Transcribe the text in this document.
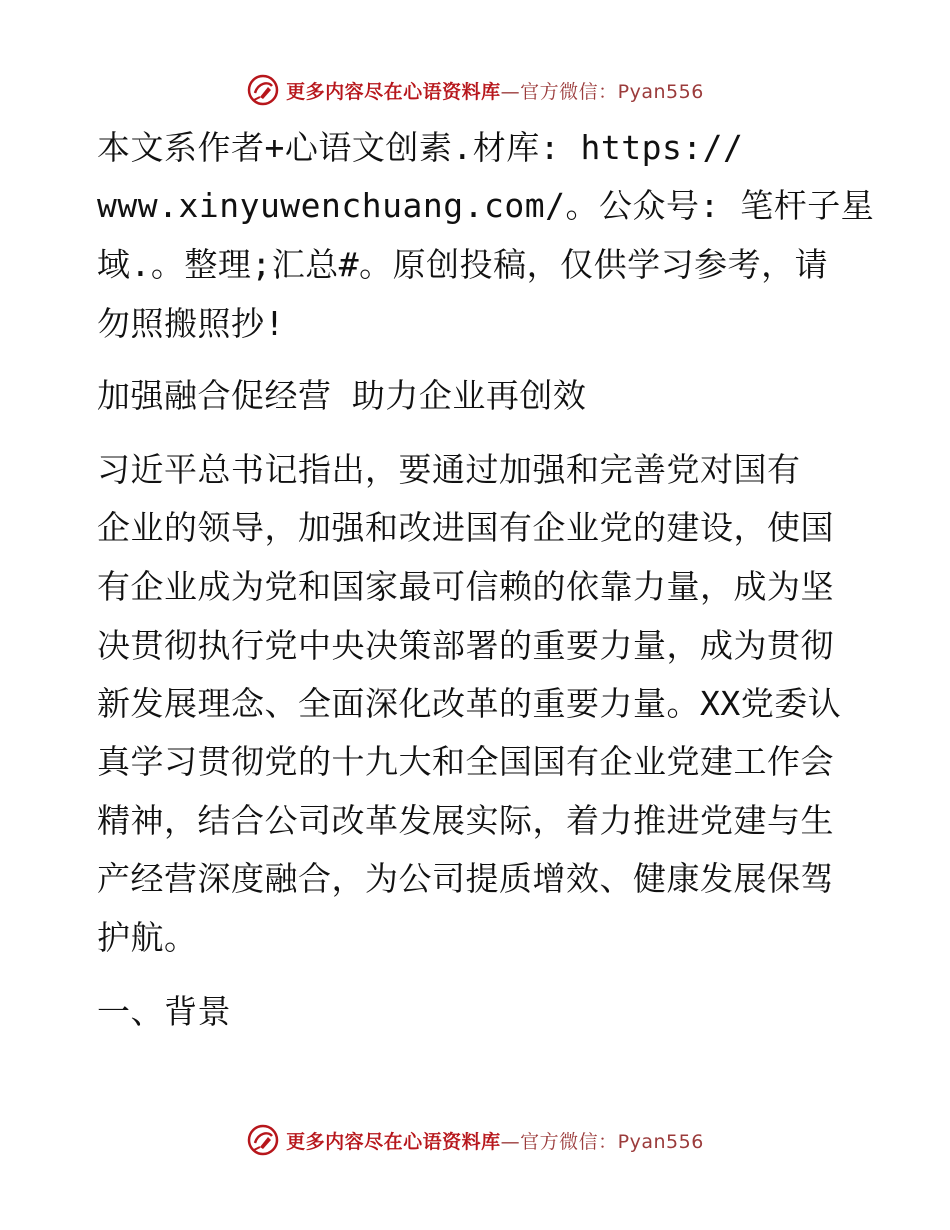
更多内容尽在心语资料库—官方微信：Pyan556
本文系作者+心语文创素.材库: https://
www.xinyuwenchuang.com/。公众号: 笔杆子星
域.。整理;汇总#。原创投稿，仅供学习参考，请
勿照搬照抄!
加强融合促经营 助力企业再创效
习近平总书记指出，要通过加强和完善党对国有
企业的领导，加强和改进国有企业党的建设，使国
有企业成为党和国家最可信赖的依靠力量，成为坚
决贯彻执行党中央决策部署的重要力量，成为贯彻
新发展理念、全面深化改革的重要力量。XX党委认
真学习贯彻党的十九大和全国国有企业党建工作会
精神，结合公司改革发展实际，着力推进党建与生
产经营深度融合，为公司提质增效、健康发展保驾
护航。
一、背景
更多内容尽在心语资料库—官方微信：Pyan556
